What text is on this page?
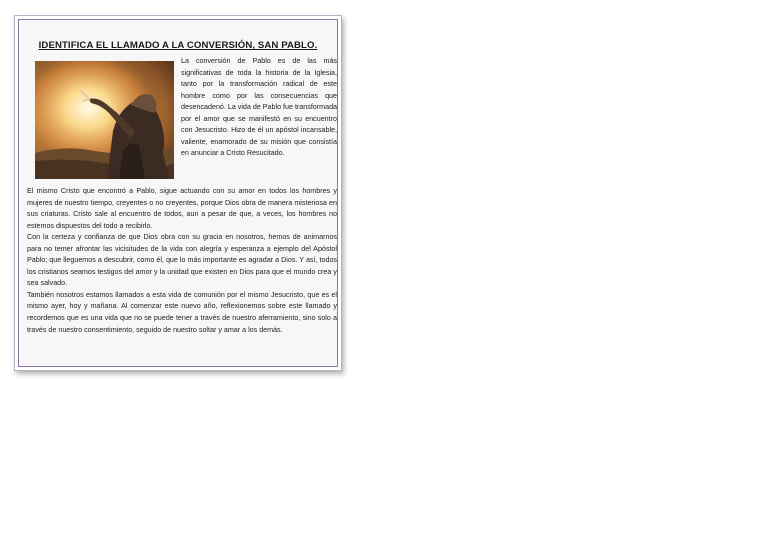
IDENTIFICA EL LLAMADO A LA CONVERSIÓN, SAN PABLO.

La conversión de Pablo es de las más significativas de toda la historia de la Iglesia, tanto por la transformación radical de este hombre como por las consecuencias que desencadenó. La vida de Pablo fue transformada por el amor que se manifestó en su encuentro con Jesucristo. Hizo de él un apóstol incansable, valiente, enamorado de su misión que consistía en anunciar a Cristo Resucitado.

El mismo Cristo que encontró a Pablo, sigue actuando con su amor en todos los hombres y mujeres de nuestro tiempo, creyentes o no creyentes, porque Dios obra de manera misteriosa en sus criaturas. Cristo sale al encuentro de todos, aun a pesar de que, a veces, los hombres no estemos dispuestos del todo a recibirlo.

Con la certeza y confianza de que Dios obra con su gracia en nosotros, hemos de animarnos para no temer afrontar las vicisitudes de la vida con alegría y esperanza a ejemplo del Apóstol Pablo; que lleguemos a descubrir, como él, que lo más importante es agradar a Dios. Y así, todos los cristianos seamos testigos del amor y la unidad que existen en Dios para que el mundo crea y sea salvado.

También nosotros estamos llamados a esta vida de comunión por el mismo Jesucristo, que es el mismo ayer, hoy y mañana. Al comenzar este nuevo año, reflexionemos sobre este llamado y recordemos que es una vida que no se puede tener a través de nuestro aferramiento, sino solo a través de nuestro consentimiento, seguido de nuestro soltar y amar a los demás.
